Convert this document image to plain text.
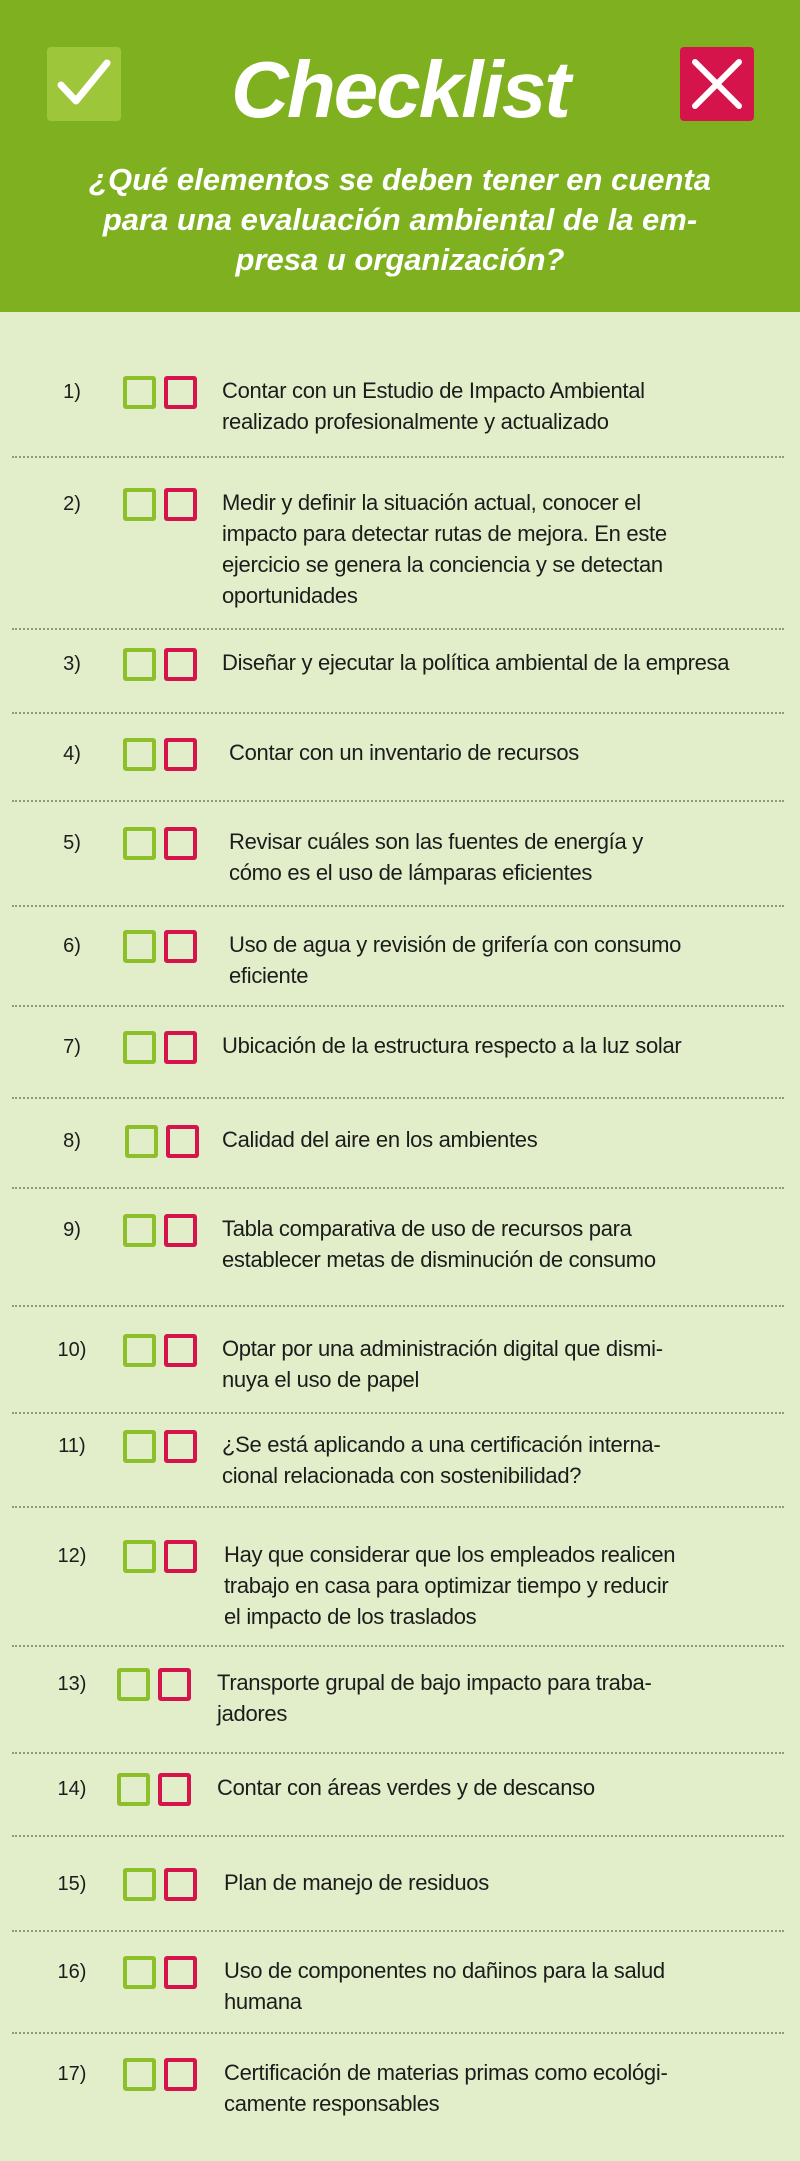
Checklist
¿Qué elementos se deben tener en cuenta
para una evaluación ambiental de la em-
presa u organización?
1)	Contar con un Estudio de Impacto Ambiental
realizado profesionalmente y actualizado
2)	Medir y definir la situación actual, conocer el
impacto para detectar rutas de mejora. En este
ejercicio se genera la conciencia y se detectan
oportunidades
3)	Diseñar y ejecutar la política ambiental de la empresa
4)	Contar con un inventario de recursos
5)	Revisar cuáles son las fuentes de energía y
cómo es el uso de lámparas eficientes
6)	Uso de agua y revisión de grifería con consumo
eficiente
7)	Ubicación de la estructura respecto a la luz solar
8)	Calidad del aire en los ambientes
9)	Tabla comparativa de uso de recursos para
establecer metas de disminución de consumo
10)	Optar por una administración digital que dismi-
nuya el uso de papel
11)	¿Se está aplicando a una certificación interna-
cional relacionada con sostenibilidad?
12)	Hay que considerar que los empleados realicen
trabajo en casa para optimizar tiempo y reducir
el impacto de los traslados
13)	Transporte grupal de bajo impacto para traba-
jadores
14)	Contar con áreas verdes y de descanso
15)	Plan de manejo de residuos
16)	Uso de componentes no dañinos para la salud
humana
17)	Certificación de materias primas como ecológi-
camente responsables
